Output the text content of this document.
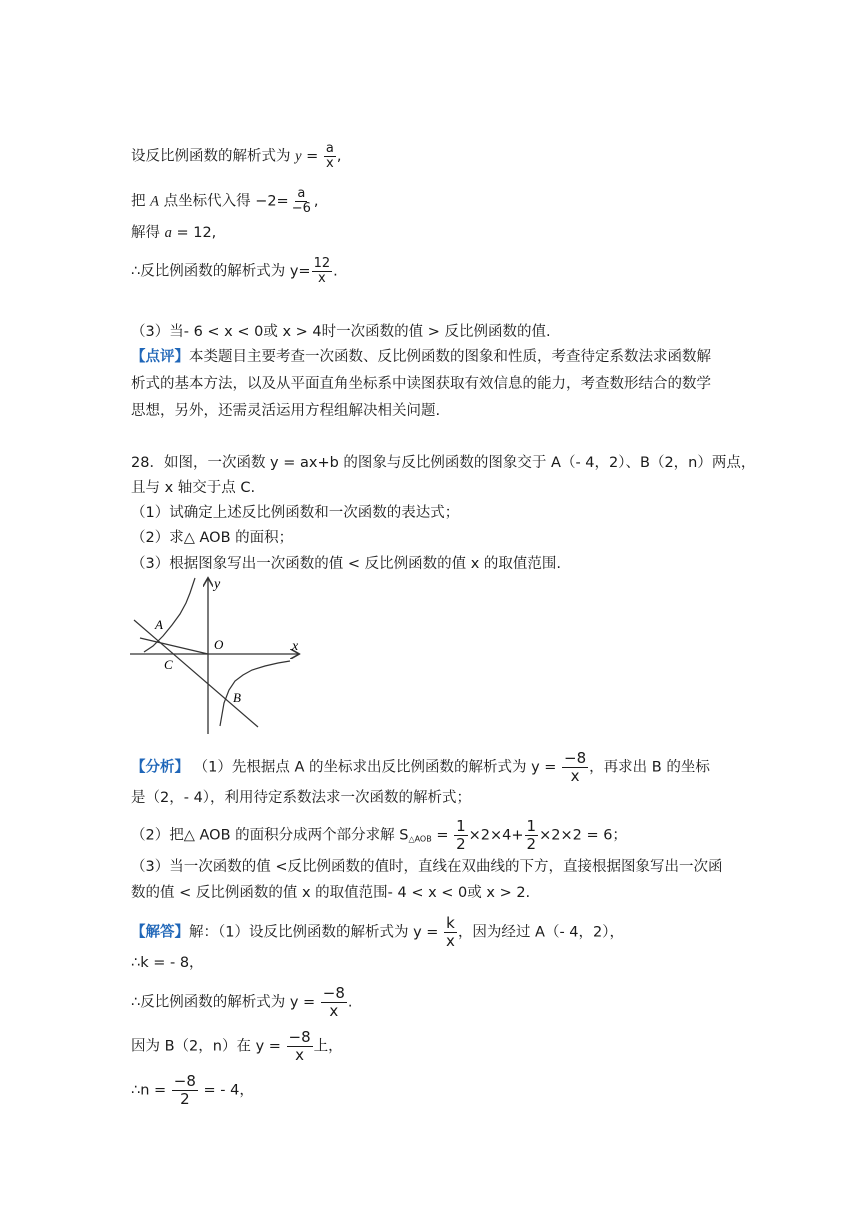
设反比例函数的解析式为 $y = \frac{a}{x}$ ,
把 A 点坐标代入得 $-2= \frac{a}{-6}$ ,
解得 a = 12,
∴反比例函数的解析式为 $y= \frac{12}{x}$ .
（3）当- 6 < x < 0或 x > 4时一次函数的值 > 反比例函数的值.
【点评】本类题目主要考查一次函数、反比例函数的图象和性质，考查待定系数法求函数解
析式的基本方法，以及从平面直角坐标系中读图获取有效信息的能力，考查数形结合的数学
思想，另外，还需灵活运用方程组解决相关问题.
28．如图，一次函数 y = ax+b 的图象与反比例函数的图象交于 A（- 4，2）、B（2，n）两点，
且与 x 轴交于点 C.
（1）试确定上述反比例函数和一次函数的表达式；
（2）求△ AOB 的面积；
（3）根据图象写出一次函数的值 < 反比例函数的值 x 的取值范围.
y
x
O
A
B
C
【分析】 （1）先根据点 A 的坐标求出反比例函数的解析式为 $y = \frac{-8}{x}$ ，再求出 B 的坐标
是（2，- 4），利用待定系数法求一次函数的解析式；
（2）把△ AOB 的面积分成两个部分求解 $S_{\triangle AOB} = \frac{1}{2} \times 2\times 4+ \frac{1}{2} \times 2\times 2 = 6$；
（3）当一次函数的值 <反比例函数的值时，直线在双曲线的下方，直接根据图象写出一次函
数的值 < 反比例函数的值 x 的取值范围- 4 < x < 0或 x > 2.
【解答】解：（1）设反比例函数的解析式为 $y = \frac{k}{x}$ ，因为经过 A（- 4，2），
∴k = - 8，
∴反比例函数的解析式为 $y = \frac{-8}{x}$ .
因为 B（2，n）在 $y = \frac{-8}{x}$ 上，
∴n = $\frac{-8}{2}$ = - 4，
